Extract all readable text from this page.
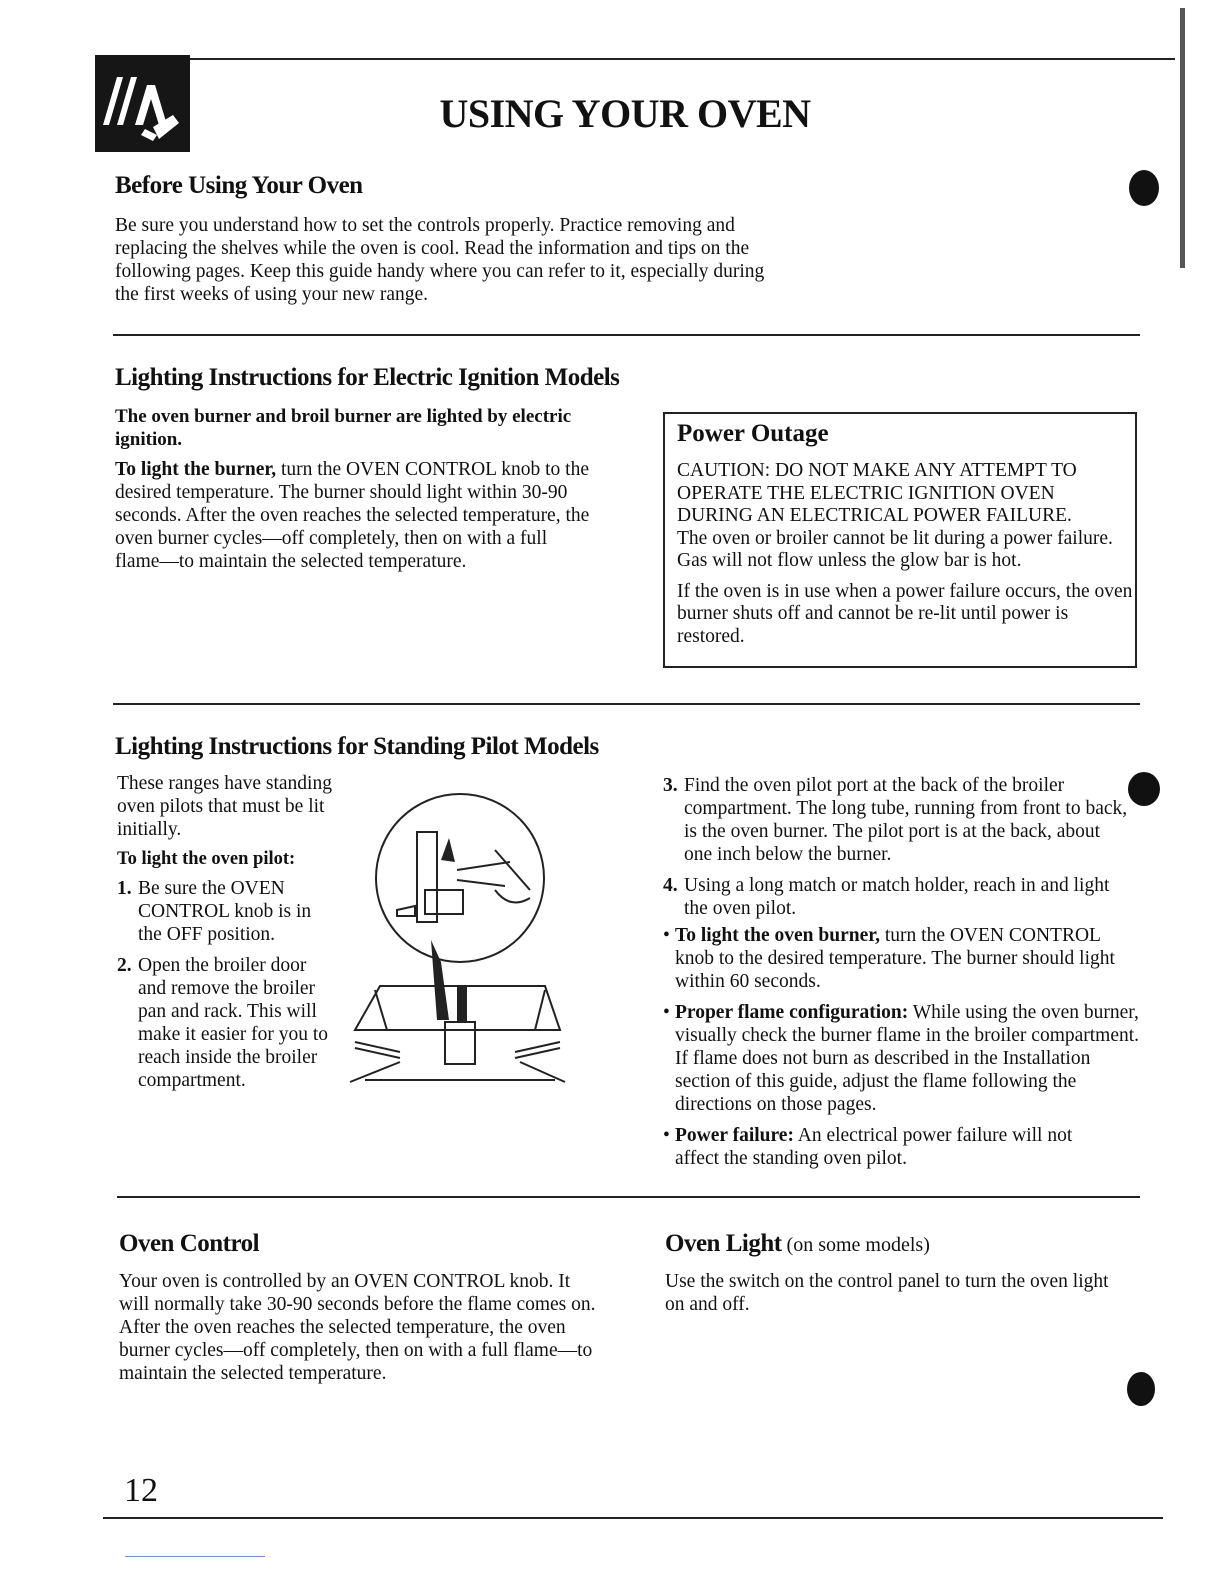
USING YOUR OVEN
Before Using Your Oven

Be sure you understand how to set the controls properly. Practice removing and replacing the shelves while the oven is cool. Read the information and tips on the following pages. Keep this guide handy where you can refer to it, especially during the first weeks of using your new range.

Lighting Instructions for Electric Ignition Models

The oven burner and broil burner are lighted by electric ignition.

To light the burner, turn the OVEN CONTROL knob to the desired temperature. The burner should light within 30-90 seconds. After the oven reaches the selected temperature, the oven burner cycles—off completely, then on with a full flame—to maintain the selected temperature.

Power Outage

CAUTION: DO NOT MAKE ANY ATTEMPT TO OPERATE THE ELECTRIC IGNITION OVEN DURING AN ELECTRICAL POWER FAILURE.

The oven or broiler cannot be lit during a power failure. Gas will not flow unless the glow bar is hot.

If the oven is in use when a power failure occurs, the oven burner shuts off and cannot be re-lit until power is restored.

Lighting Instructions for Standing Pilot Models

These ranges have standing oven pilots that must be lit initially.

To light the oven pilot:

1. Be sure the OVEN CONTROL knob is in the OFF position.
2. Open the broiler door and remove the broiler pan and rack. This will make it easier for you to reach inside the broiler compartment.
3. Find the oven pilot port at the back of the broiler compartment. The long tube, running from front to back, is the oven burner. The pilot port is at the back, about one inch below the burner.
4. Using a long match or match holder, reach in and light the oven pilot.
• To light the oven burner, turn the OVEN CONTROL knob to the desired temperature. The burner should light within 60 seconds.
• Proper flame configuration: While using the oven burner, visually check the burner flame in the broiler compartment. If flame does not burn as described in the Installation section of this guide, adjust the flame following the directions on those pages.
• Power failure: An electrical power failure will not affect the standing oven pilot.
Oven Control

Your oven is controlled by an OVEN CONTROL knob. It will normally take 30-90 seconds before the flame comes on. After the oven reaches the selected temperature, the oven burner cycles—off completely, then on with a full flame—to maintain the selected temperature.

Oven Light (on some models)

Use the switch on the control panel to turn the oven light on and off.

12
